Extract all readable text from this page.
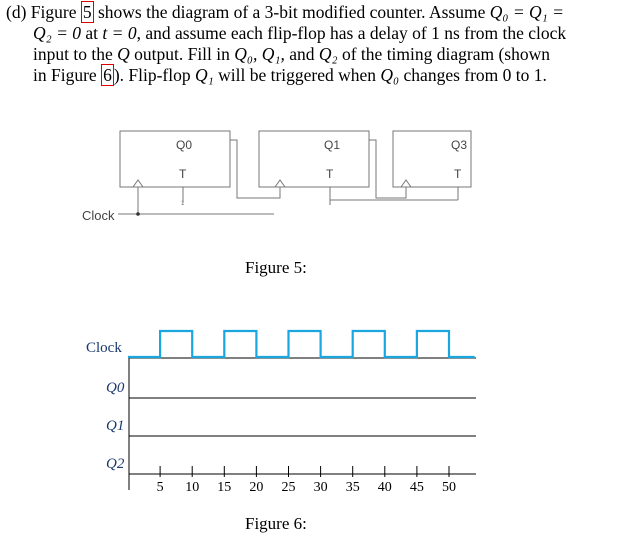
(d) Figure 5 shows the diagram of a 3-bit modified counter. Assume Q₀ = Q₁ =
Q₂ = 0 at t = 0, and assume each flip-flop has a delay of 1 ns from the clock
input to the Q output. Fill in Q₀, Q₁, and Q₂ of the timing diagram (shown
in Figure 6 ). Flip-flop Q₁ will be triggered when Q₀ changes from 0 to 1.
Clock
Q0	Q1	Q3
T	T	T
1
Figure 5:
5 10 15 20 25 30 35 40 45 50
Clock
Q0
Q1
Q2
Figure 6:
